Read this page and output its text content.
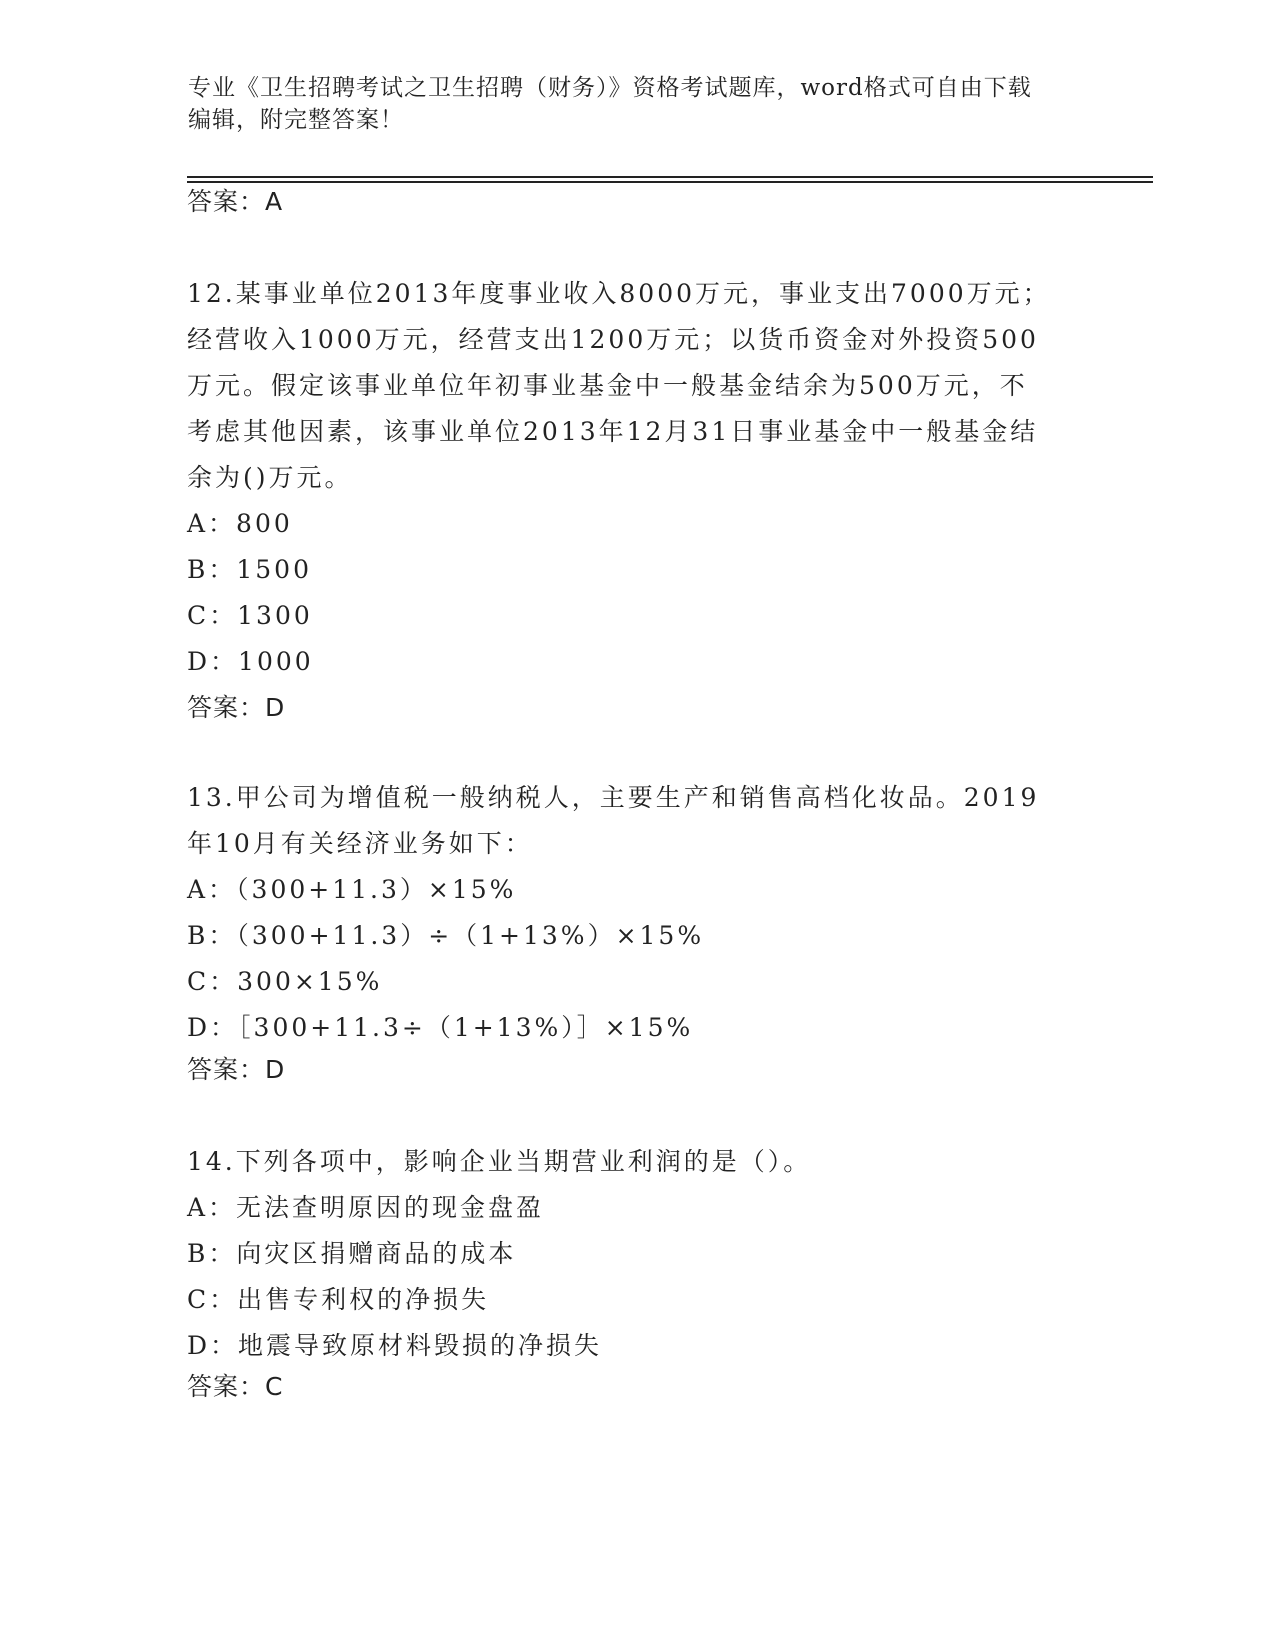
专业《卫生招聘考试之卫生招聘（财务）》资格考试题库，word格式可自由下载
编辑，附完整答案！
答案：A

12.某事业单位2013年度事业收入8000万元，事业支出7000万元；

经营收入1000万元，经营支出1200万元；以货币资金对外投资500

万元。假定该事业单位年初事业基金中一般基金结余为500万元，不

考虑其他因素，该事业单位2013年12月31日事业基金中一般基金结

余为()万元。

A：800

B：1500

C：1300

D：1000

答案：D

13.甲公司为增值税一般纳税人，主要生产和销售高档化妆品。2019

年10月有关经济业务如下：

A：（300+11.3）×15%

B：（300+11.3）÷（1+13%）×15%

C：300×15%

D：［300+11.3÷（1+13%）］×15%

答案：D

14.下列各项中，影响企业当期营业利润的是（）。

A：无法查明原因的现金盘盈

B：向灾区捐赠商品的成本

C：出售专利权的净损失

D：地震导致原材料毁损的净损失

答案：C
